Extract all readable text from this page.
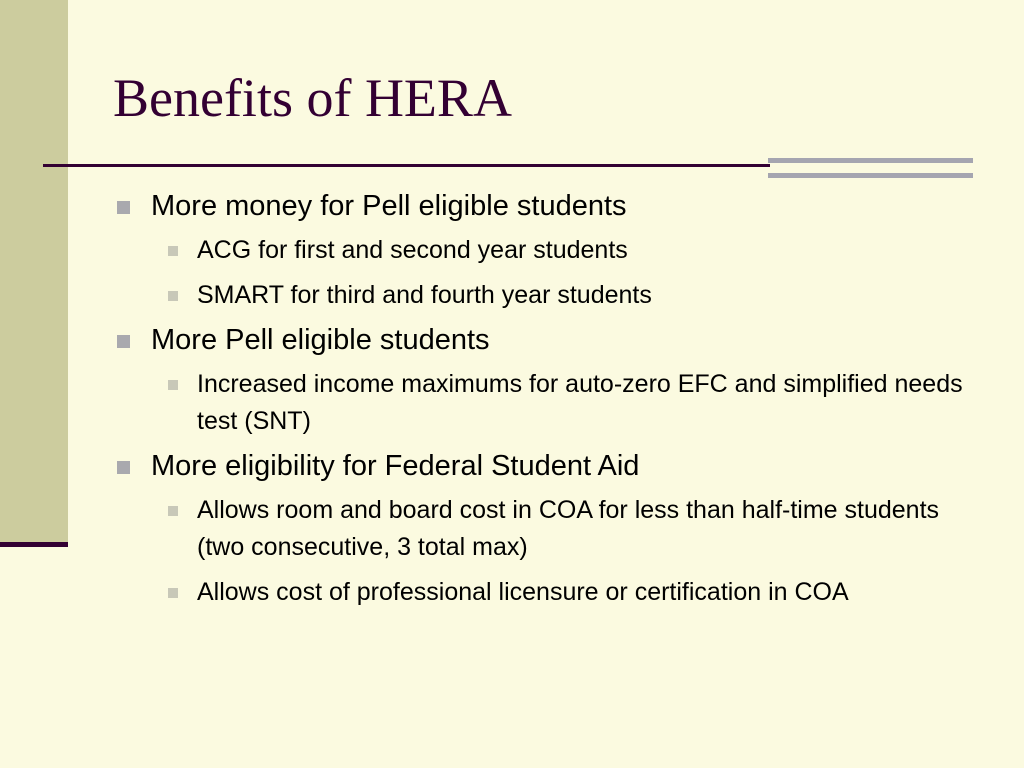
Benefits of HERA
More money for Pell eligible students
ACG for first and second year students
SMART for third and fourth year students
More Pell eligible students
Increased income maximums for auto-zero EFC and simplified needs test (SNT)
More eligibility for Federal Student Aid
Allows room and board cost in COA for less than half-time students (two consecutive, 3 total max)
Allows cost of professional licensure or certification in COA
